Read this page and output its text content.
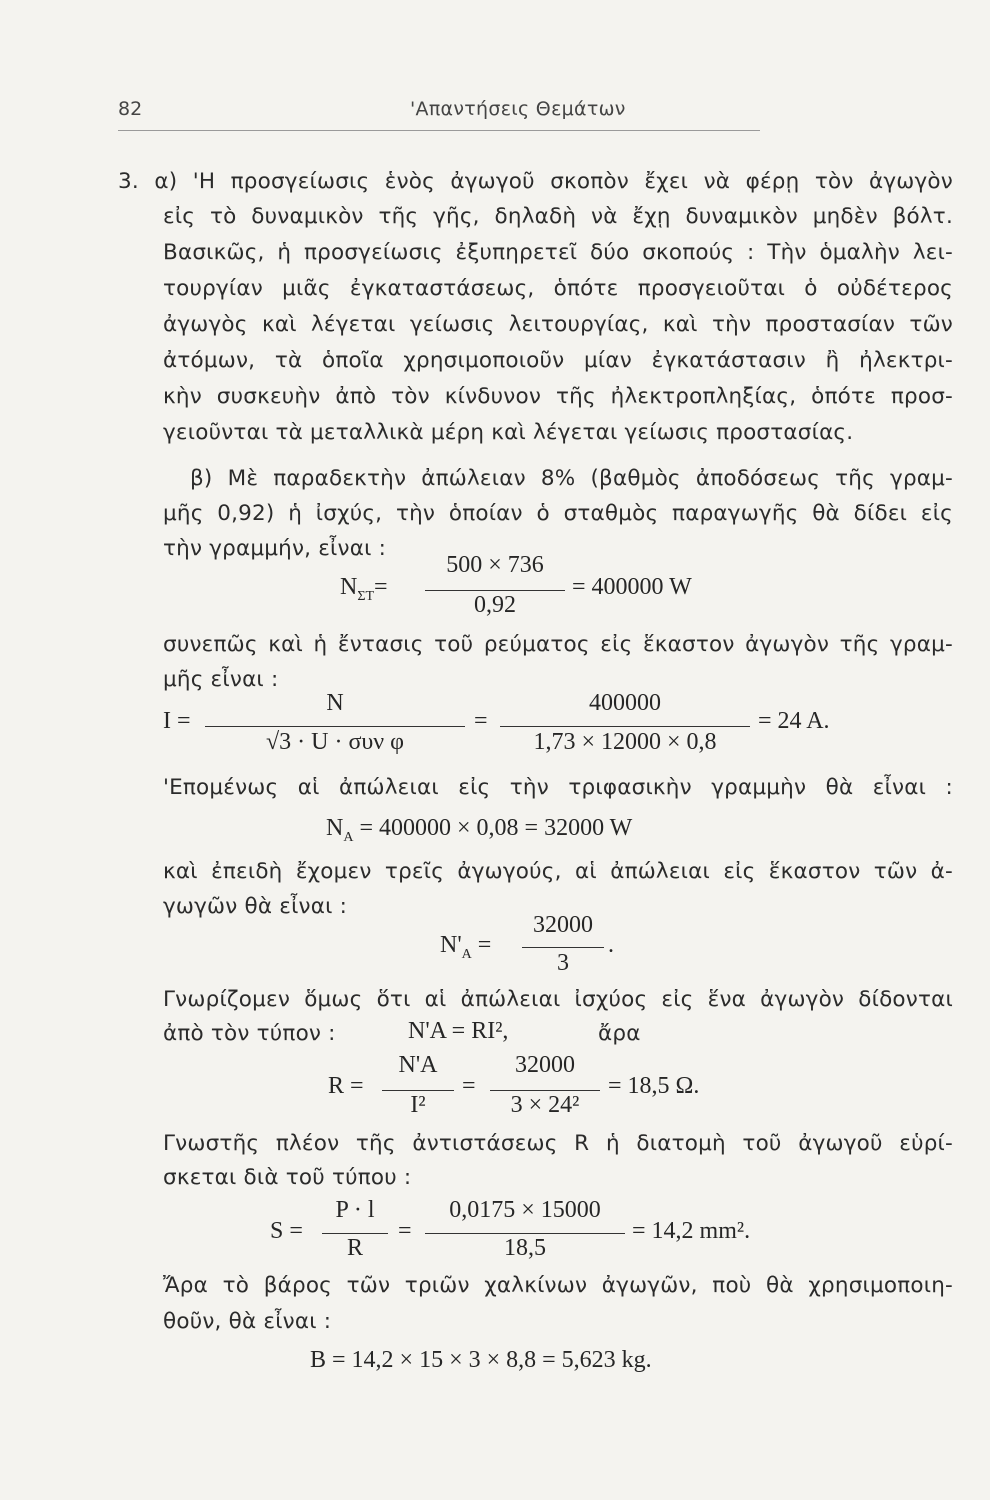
82	'Απαντήσεις Θεμάτων
3. α) 'Η προσγείωσις ἑνὸς ἀγωγοῦ σκοπὸν ἔχει νὰ φέρῃ τὸν ἀγωγὸν
εἰς τὸ δυναμικὸν τῆς γῆς, δηλαδὴ νὰ ἔχῃ δυναμικὸν μηδὲν βόλτ.
Βασικῶς, ἡ προσγείωσις ἐξυπηρετεῖ δύο σκοπούς : Τὴν ὁμαλὴν λει-
τουργίαν μιᾶς ἐγκαταστάσεως, ὁπότε προσγειοῦται ὁ οὐδέτερος
ἀγωγὸς καὶ λέγεται γείωσις λειτουργίας, καὶ τὴν προστασίαν τῶν
ἀτόμων, τὰ ὁποῖα χρησιμοποιοῦν μίαν ἐγκατάστασιν ἢ ἠλεκτρι-
κὴν συσκευὴν ἀπὸ τὸν κίνδυνον τῆς ἠλεκτροπληξίας, ὁπότε προσ-
γειοῦνται τὰ μεταλλικὰ μέρη καὶ λέγεται γείωσις προστασίας.
β) Μὲ παραδεκτὴν ἀπώλειαν 8% (βαθμὸς ἀποδόσεως τῆς γραμ-
μῆς 0,92) ἡ ἰσχύς, τὴν ὁποίαν ὁ σταθμὸς παραγωγῆς θὰ δίδει εἰς
τὴν γραμμήν, εἶναι :
$N_{\Sigma T}=$
500 × 736
0,92
= 400000 W
συνεπῶς καὶ ἡ ἔντασις τοῦ ρεύματος εἰς ἕκαστον ἀγωγὸν τῆς γραμ-
μῆς εἶναι :
I =
N
√3 · U · συν φ
=
400000
1,73 × 12000 × 0,8
= 24 A.
'Επομένως αἱ ἀπώλειαι εἰς τὴν τριφασικὴν γραμμὴν θὰ εἶναι :
$N_A = 400000 \times 0,08 = 32000$ W
καὶ ἐπειδὴ ἔχομεν τρεῖς ἀγωγούς, αἱ ἀπώλειαι εἰς ἕκαστον τῶν ἀ-
γωγῶν θὰ εἶναι :
$N'_A$ =
32000
3
.
Γνωρίζομεν ὅμως ὅτι αἱ ἀπώλειαι ἰσχύος εἰς ἕνα ἀγωγὸν δίδονται
ἀπὸ τὸν τύπον :	N'A = RI²,	ἄρα
R =
N'A
I²
=
32000
3 × 24²
= 18,5 Ω.
Γνωστῆς πλέον τῆς ἀντιστάσεως R ἡ διατομὴ τοῦ ἀγωγοῦ εὑρί-
σκεται διὰ τοῦ τύπου :
S =
P · l
R
=
0,0175 × 15000
18,5
= 14,2 mm².
Ἄρα τὸ βάρος τῶν τριῶν χαλκίνων ἀγωγῶν, ποὺ θὰ χρησιμοποιη-
θοῦν, θὰ εἶναι :
B = 14,2 × 15 × 3 × 8,8 = 5,623 kg.
